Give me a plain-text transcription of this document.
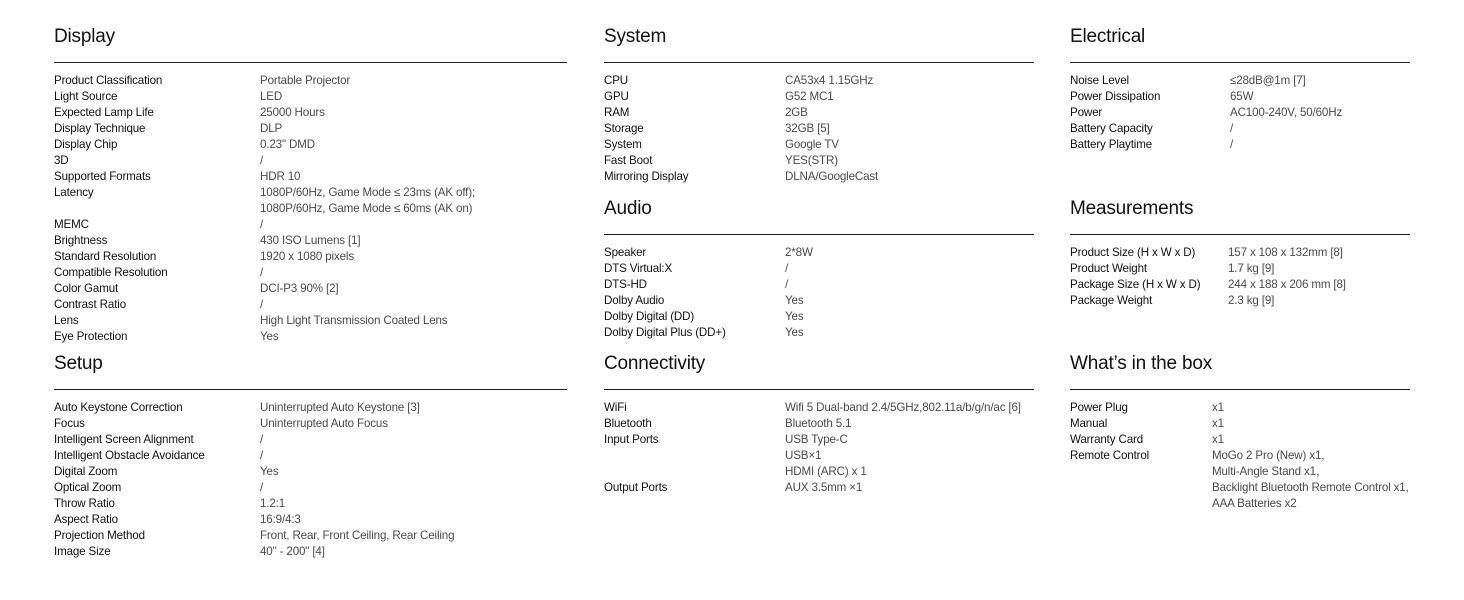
Display
Product Classification	Portable Projector
Light Source	LED
Expected Lamp Life	25000 Hours
Display Technique	DLP
Display Chip	0.23" DMD
3D	/
Supported Formats	HDR 10
Latency	1080P/60Hz, Game Mode ≤ 23ms (AK off);
1080P/60Hz, Game Mode ≤ 60ms (AK on)
MEMC	/
Brightness	430 ISO Lumens [1]
Standard Resolution	1920 x 1080 pixels
Compatible Resolution	/
Color Gamut	DCI-P3 90% [2]
Contrast Ratio	/
Lens	High Light Transmission Coated Lens
Eye Protection	Yes
Setup
Auto Keystone Correction	Uninterrupted Auto Keystone [3]
Focus	Uninterrupted Auto Focus
Intelligent Screen Alignment	/
Intelligent Obstacle Avoidance	/
Digital Zoom	Yes
Optical Zoom	/
Throw Ratio	1.2:1
Aspect Ratio	16:9/4:3
Projection Method	Front, Rear, Front Ceiling, Rear Ceiling
Image Size	40" - 200" [4]
System
CPU	CA53x4 1.15GHz
GPU	G52 MC1
RAM	2GB
Storage	32GB [5]
System	Google TV
Fast Boot	YES(STR)
Mirroring Display	DLNA/GoogleCast
Audio
Speaker	2*8W
DTS Virtual:X	/
DTS-HD	/
Dolby Audio	Yes
Dolby Digital (DD)	Yes
Dolby Digital Plus (DD+)	Yes
Connectivity
WiFi	Wifi 5 Dual-band 2.4/5GHz,802.11a/b/g/n/ac [6]
Bluetooth	Bluetooth 5.1
Input Ports	USB Type-C
USB×1
HDMI (ARC) x 1
Output Ports	AUX 3.5mm ×1
Electrical
Noise Level	≤28dB@1m [7]
Power Dissipation	65W
Power	AC100-240V, 50/60Hz
Battery Capacity	/
Battery Playtime	/
Measurements
Product Size (H x W x D)	157 x 108 x 132mm [8]
Product Weight	1.7 kg [9]
Package Size (H x W x D)	244 x 188 x 206 mm [8]
Package Weight	2.3 kg [9]
What’s in the box
Power Plug	x1
Manual	x1
Warranty Card	x1
Remote Control	MoGo 2 Pro (New) x1,
Multi-Angle Stand x1，
Backlight Bluetooth Remote Control x1,
AAA Batteries x2
